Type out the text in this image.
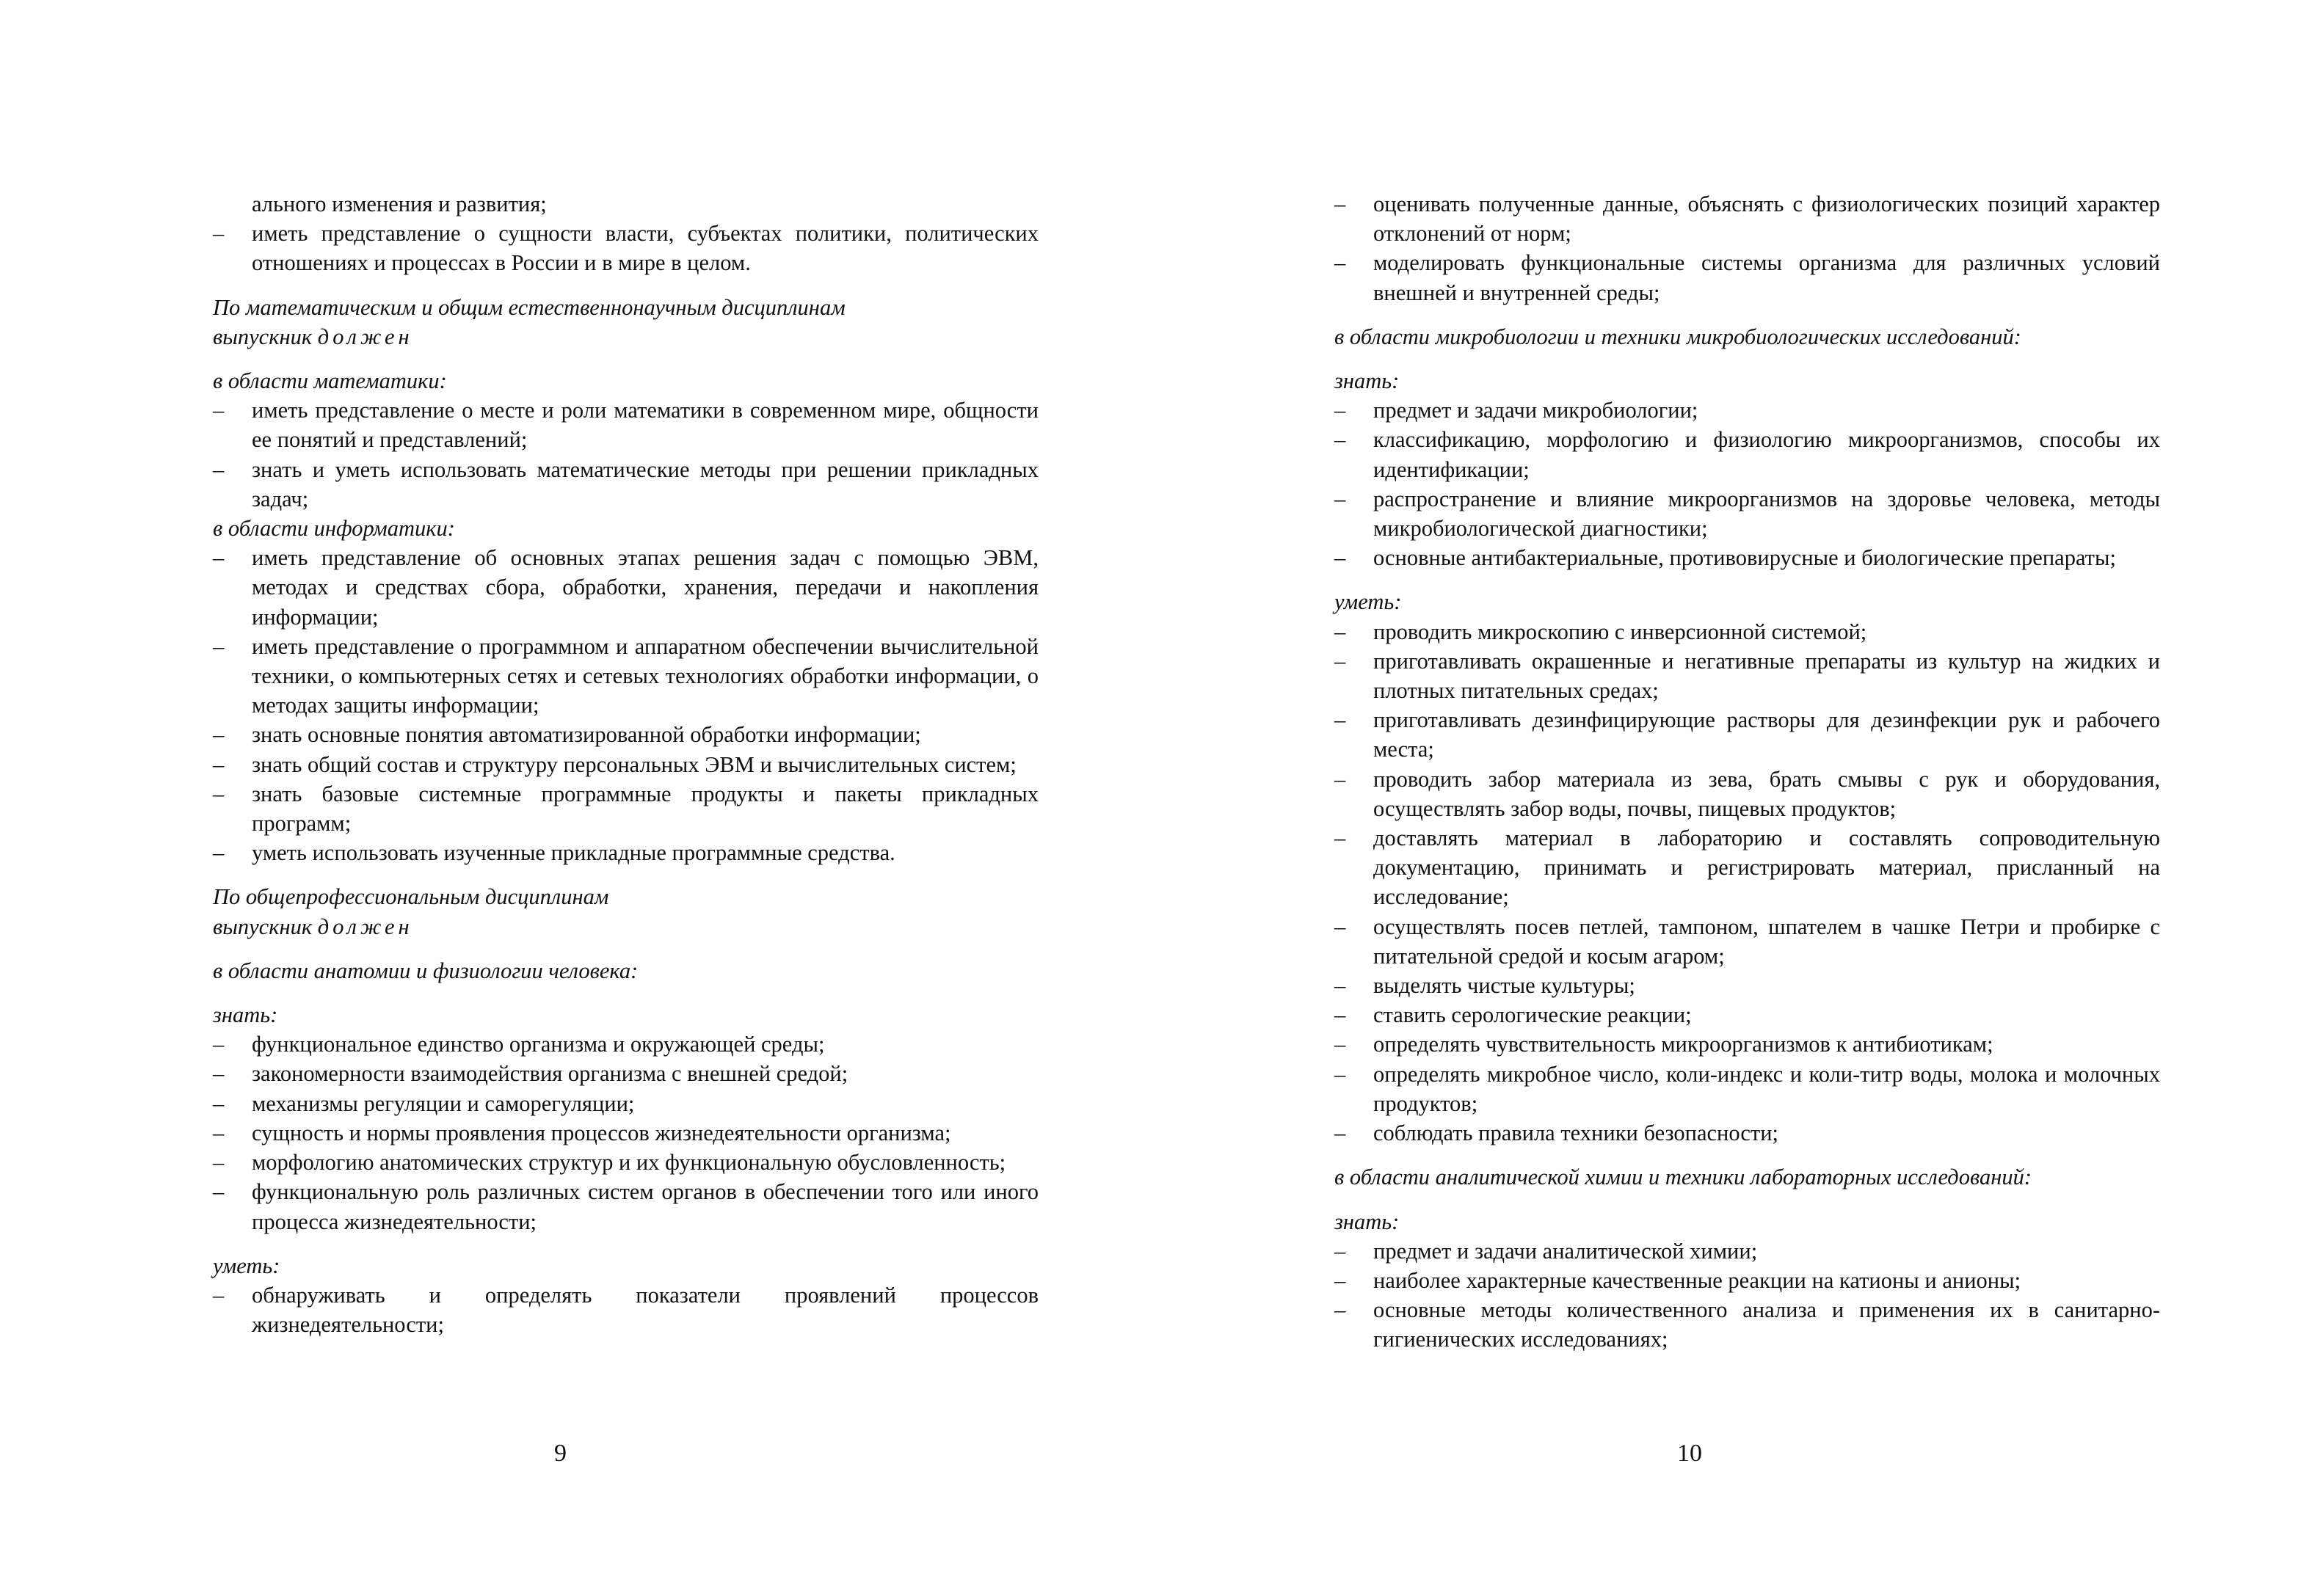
ального изменения и развития;

– иметь представление о сущности власти, субъектах политики, политических отношениях и процессах в России и в мире в целом.

По математическим и общим естественнонаучным дисциплинам

выпускник должен

в области математики:

– иметь представление о месте и роли математики в современном мире, общности ее понятий и представлений;
– знать и уметь использовать математические методы при решении прикладных задач;

в области информатики:

– иметь представление об основных этапах решения задач с помощью ЭВМ, методах и средствах сбора, обработки, хранения, передачи и накопления информации;
– иметь представление о программном и аппаратном обеспечении вычислительной техники, о компьютерных сетях и сетевых технологиях обработки информации, о методах защиты информации;
– знать основные понятия автоматизированной обработки информации;
– знать общий состав и структуру персональных ЭВМ и вычислительных систем;
– знать базовые системные программные продукты и пакеты прикладных программ;
– уметь использовать изученные прикладные программные средства.

По общепрофессиональным дисциплинам

выпускник должен

в области анатомии и физиологии человека:

знать:

– функциональное единство организма и окружающей среды;
– закономерности взаимодействия организма с внешней средой;
– механизмы регуляции и саморегуляции;
– сущность и нормы проявления процессов жизнедеятельности организма;
– морфологию анатомических структур и их функциональную обусловленность;
– функциональную роль различных систем органов в обеспечении того или иного процесса жизнедеятельности;

уметь:

– обнаруживать и определять показатели проявлений процессов жизнедеятельности;
9
– оценивать полученные данные, объяснять с физиологических позиций характер отклонений от норм;
– моделировать функциональные системы организма для различных условий внешней и внутренней среды;

в области микробиологии и техники микробиологических исследований:

знать:

– предмет и задачи микробиологии;
– классификацию, морфологию и физиологию микроорганизмов, способы их идентификации;
– распространение и влияние микроорганизмов на здоровье человека, методы микробиологической диагностики;
– основные антибактериальные, противовирусные и биологические препараты;

уметь:

– проводить микроскопию с инверсионной системой;
– приготавливать окрашенные и негативные препараты из культур на жидких и плотных питательных средах;
– приготавливать дезинфицирующие растворы для дезинфекции рук и рабочего места;
– проводить забор материала из зева, брать смывы с рук и оборудования, осуществлять забор воды, почвы, пищевых продуктов;
– доставлять материал в лабораторию и составлять сопроводительную документацию, принимать и регистрировать материал, присланный на исследование;
– осуществлять посев петлей, тампоном, шпателем в чашке Петри и пробирке с питательной средой и косым агаром;
– выделять чистые культуры;
– ставить серологические реакции;
– определять чувствительность микроорганизмов к антибиотикам;
– определять микробное число, коли-индекс и коли-титр воды, молока и молочных продуктов;
– соблюдать правила техники безопасности;

в области аналитической химии и техники лабораторных исследований:

знать:

– предмет и задачи аналитической химии;
– наиболее характерные качественные реакции на катионы и анионы;
– основные методы количественного анализа и применения их в санитарно-гигиенических исследованиях;
10
